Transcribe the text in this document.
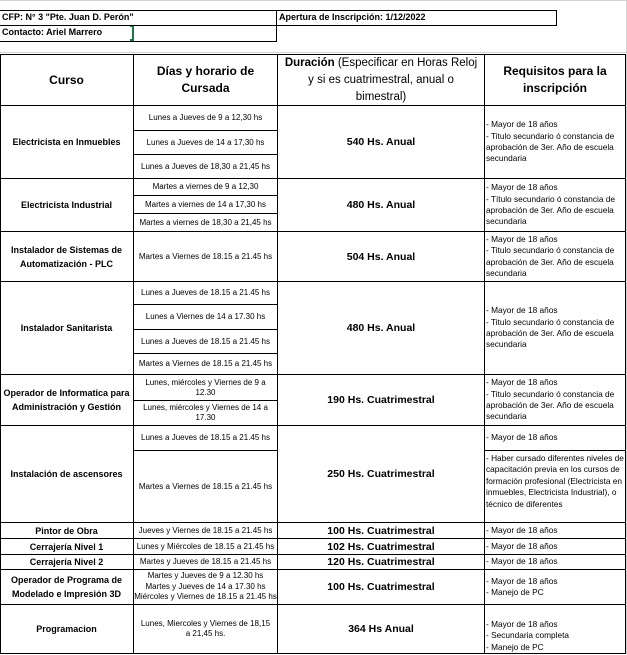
CFP: N° 3 "Pte. Juan D. Perón"	Apertura de Inscripción: 1/12/2022
Contacto: Ariel Marrero
Curso
Días y horario de Cursada
Duración (Especificar en Horas Reloj y si es cuatrimestral, anual o bimestral)
Requisitos para la inscripción
Electricista en Inmuebles
Electricista Industrial
Instalador de Sistemas de Automatización - PLC
Instalador Sanitarista
Operador de Informatica para Administración y Gestión
Instalación de ascensores
Pintor de Obra
Cerrajería Nivel 1
Cerrajería Nivel 2
Operador de Programa de Modelado e Impresión 3D
Programacion
Lunes a Jueves de 9 a 12,30 hs
Lunes a Jueves de 14 a 17,30 hs
Lunes a Jueves de 18,30 a 21,45 hs
Martes a viernes de 9 a 12,30
Martes a viernes de 14 a 17,30 hs
Martes a viernes de 18,30 a 21,45 hs
Martes a Viernes de 18.15 a 21.45 hs
Lunes a Jueves de 18.15 a 21.45 hs
Lunes a Viernes de 14 a 17.30 hs
Lunes a Jueves de 18.15 a 21.45 hs
Martes a Viernes de 18.15 a 21.45 hs
Lunes, miércoles y Viernes de 9 a 12.30
Lunes, miércoles y Viernes de 14 a 17.30
Lunes a Jueves de 18.15 a 21.45 hs
Martes a Viernes de 18.15 a 21.45 hs
Jueves y Viernes de 18.15 a 21.45 hs
Lunes y Miércoles de 18.15 a 21.45 hs
Martes y Jueves de 18.15 a 21.45 hs
Martes y Jueves de 9 a 12.30 hs
Martes y Jueves de 14 a 17.30 hs
Miércoles y Viernes de 18.15 a 21.45 hs
Lunes, Miercoles y Viernes de 18,15 a 21,45 hs.
540 Hs. Anual
480 Hs. Anual
504 Hs. Anual
480 Hs. Anual
190 Hs. Cuatrimestral
250 Hs. Cuatrimestral
100 Hs. Cuatrimestral
102 Hs. Cuatrimestral
120 Hs. Cuatrimestral
100 Hs. Cuatrimestral
364 Hs Anual
- Mayor de 18 años
- Titulo secundario ó constancia de aprobación de 3er. Año de escuela secundaria
- Mayor de 18 años
- Título secundario ó constancia de aprobación de 3er. Año de escuela secundaria
- Mayor de 18 años
- Titulo secundario ó constancia de aprobación de 3er. Año de escuela secundaria
- Mayor de 18 años
- Titulo secundario ó constancia de aprobación de 3er. Año de escuela secundaria
- Mayor de 18 años
- Titulo secundario ó constancia de aprobación de 3er. Año de escuela secundaria
- Mayor de 18 años
- Haber cursado diferentes niveles de capacitación previa en los cursos de formación profesional (Electricista en inmuebles, Electricista Industrial), o técnico de diferentes
- Mayor de 18 años
- Mayor de 18 años
- Mayor de 18 años
- Mayor de 18 años
- Manejo de PC
- Mayor de 18 años
- Secundaria completa
- Manejo de PC
